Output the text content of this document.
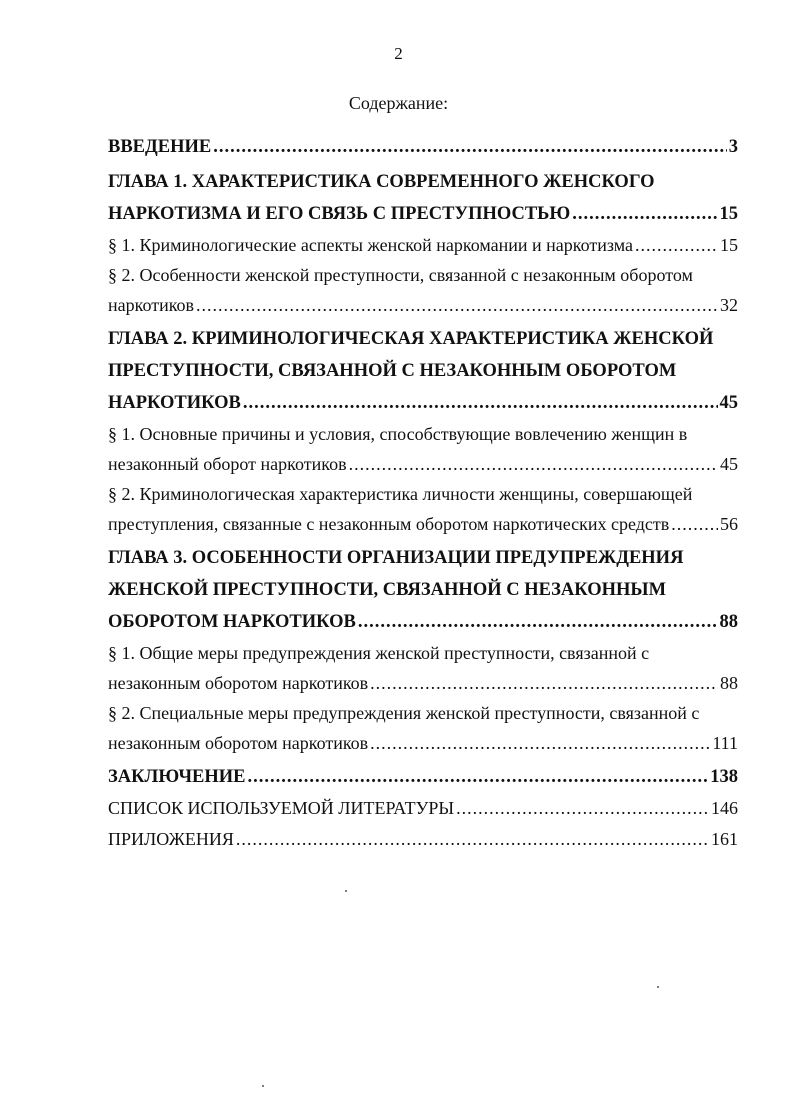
2
Содержание:
ВВЕДЕНИЕ .....	3
ГЛАВА 1. ХАРАКТЕРИСТИКА СОВРЕМЕННОГО ЖЕНСКОГО
НАРКОТИЗМА И ЕГО СВЯЗЬ С ПРЕСТУПНОСТЬЮ .....	15
§ 1. Криминологические аспекты женской наркомании и наркотизма .....	15
§ 2. Особенности женской преступности, связанной с незаконным оборотом
наркотиков .....	32
ГЛАВА 2. КРИМИНОЛОГИЧЕСКАЯ ХАРАКТЕРИСТИКА ЖЕНСКОЙ
ПРЕСТУПНОСТИ, СВЯЗАННОЙ С НЕЗАКОННЫМ ОБОРОТОМ
НАРКОТИКОВ .....	45
§ 1. Основные причины и условия, способствующие вовлечению женщин в
незаконный оборот наркотиков .....	45
§ 2. Криминологическая характеристика личности женщины, совершающей
преступления, связанные с незаконным оборотом наркотических средств .....	56
ГЛАВА 3. ОСОБЕННОСТИ ОРГАНИЗАЦИИ ПРЕДУПРЕЖДЕНИЯ
ЖЕНСКОЙ ПРЕСТУПНОСТИ, СВЯЗАННОЙ С НЕЗАКОННЫМ
ОБОРОТОМ НАРКОТИКОВ .....	88
§ 1. Общие меры предупреждения женской преступности, связанной с
незаконным оборотом наркотиков .....	88
§ 2. Специальные меры предупреждения женской преступности, связанной с
незаконным оборотом наркотиков .....	111
ЗАКЛЮЧЕНИЕ .....	138
СПИСОК ИСПОЛЬЗУЕМОЙ ЛИТЕРАТУРЫ .....	146
ПРИЛОЖЕНИЯ .....	161
